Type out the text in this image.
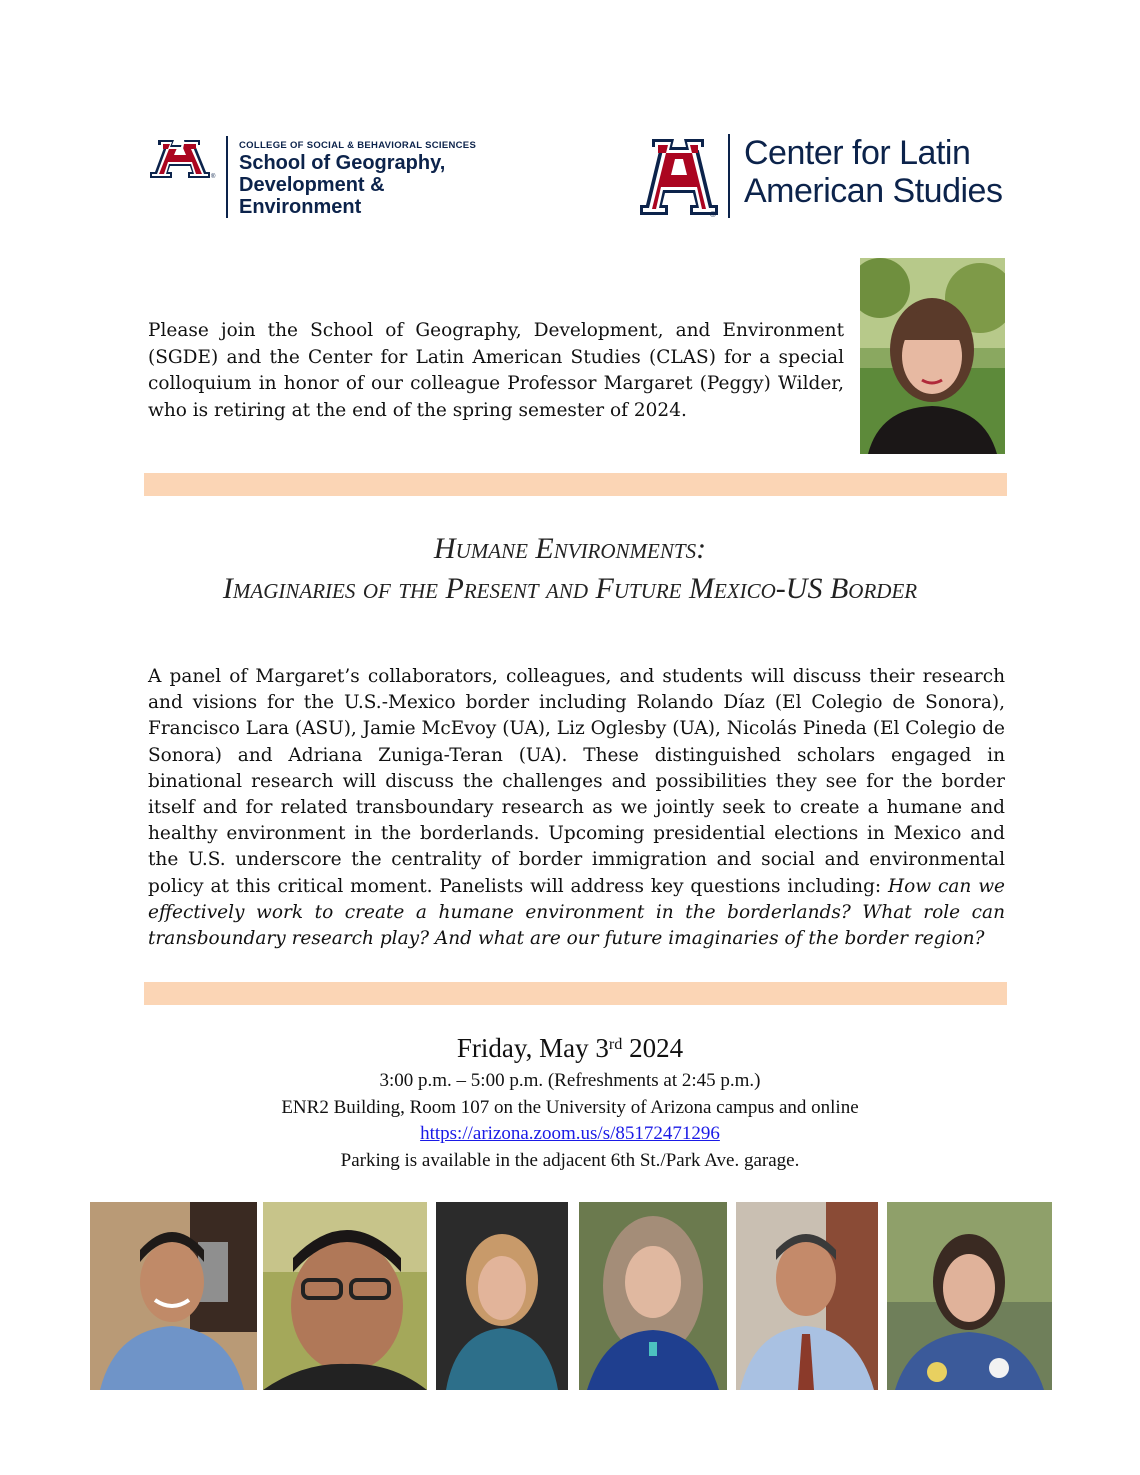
®
COLLEGE OF SOCIAL & BEHAVIORAL SCIENCES
School of Geography,
Development &
Environment	®
Center for Latin
American Studies

Please join the School of Geography, Development, and Environment (SGDE) and the Center for Latin American Studies (CLAS) for a special colloquium in honor of our colleague Professor Margaret (Peggy) Wilder, who is retiring at the end of the spring semester of 2024.

Humane Environments:
Imaginaries of the Present and Future Mexico-US Border

A panel of Margaret’s collaborators, colleagues, and students will discuss their research and visions for the U.S.-Mexico border including Rolando Díaz (El Colegio de Sonora), Francisco Lara (ASU), Jamie McEvoy (UA), Liz Oglesby (UA), Nicolás Pineda (El Colegio de Sonora) and Adriana Zuniga-Teran (UA). These distinguished scholars engaged in binational research will discuss the challenges and possibilities they see for the border itself and for related transboundary research as we jointly seek to create a humane and healthy environment in the borderlands. Upcoming presidential elections in Mexico and the U.S. underscore the centrality of border immigration and social and environmental policy at this critical moment. Panelists will address key questions including: How can we effectively work to create a humane environment in the borderlands? What role can transboundary research play? And what are our future imaginaries of the border region?

Friday, May 3rd 2024
3:00 p.m. – 5:00 p.m. (Refreshments at 2:45 p.m.)
ENR2 Building, Room 107 on the University of Arizona campus and online
https://arizona.zoom.us/s/85172471296
Parking is available in the adjacent 6th St./Park Ave. garage.
